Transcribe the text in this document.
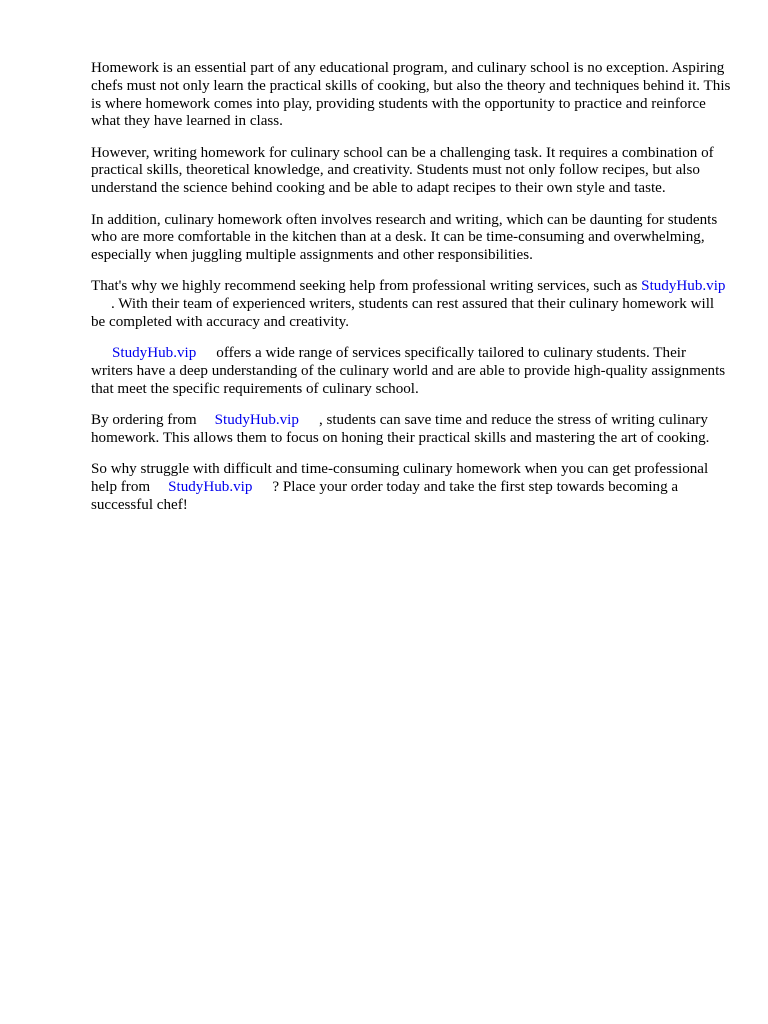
Homework is an essential part of any educational program, and culinary school is no exception. Aspiring chefs must not only learn the practical skills of cooking, but also the theory and techniques behind it. This is where homework comes into play, providing students with the opportunity to practice and reinforce what they have learned in class.

However, writing homework for culinary school can be a challenging task. It requires a combination of practical skills, theoretical knowledge, and creativity. Students must not only follow recipes, but also understand the science behind cooking and be able to adapt recipes to their own style and taste.

In addition, culinary homework often involves research and writing, which can be daunting for students who are more comfortable in the kitchen than at a desk. It can be time-consuming and overwhelming, especially when juggling multiple assignments and other responsibilities.

That's why we highly recommend seeking help from professional writing services, such as StudyHub.vip. With their team of experienced writers, students can rest assured that their culinary homework will be completed with accuracy and creativity.

StudyHub.vip offers a wide range of services specifically tailored to culinary students. Their writers have a deep understanding of the culinary world and are able to provide high-quality assignments that meet the specific requirements of culinary school.

By ordering from StudyHub.vip , students can save time and reduce the stress of writing culinary homework. This allows them to focus on honing their practical skills and mastering the art of cooking.

So why struggle with difficult and time-consuming culinary homework when you can get professional help from StudyHub.vip ? Place your order today and take the first step towards becoming a successful chef!
